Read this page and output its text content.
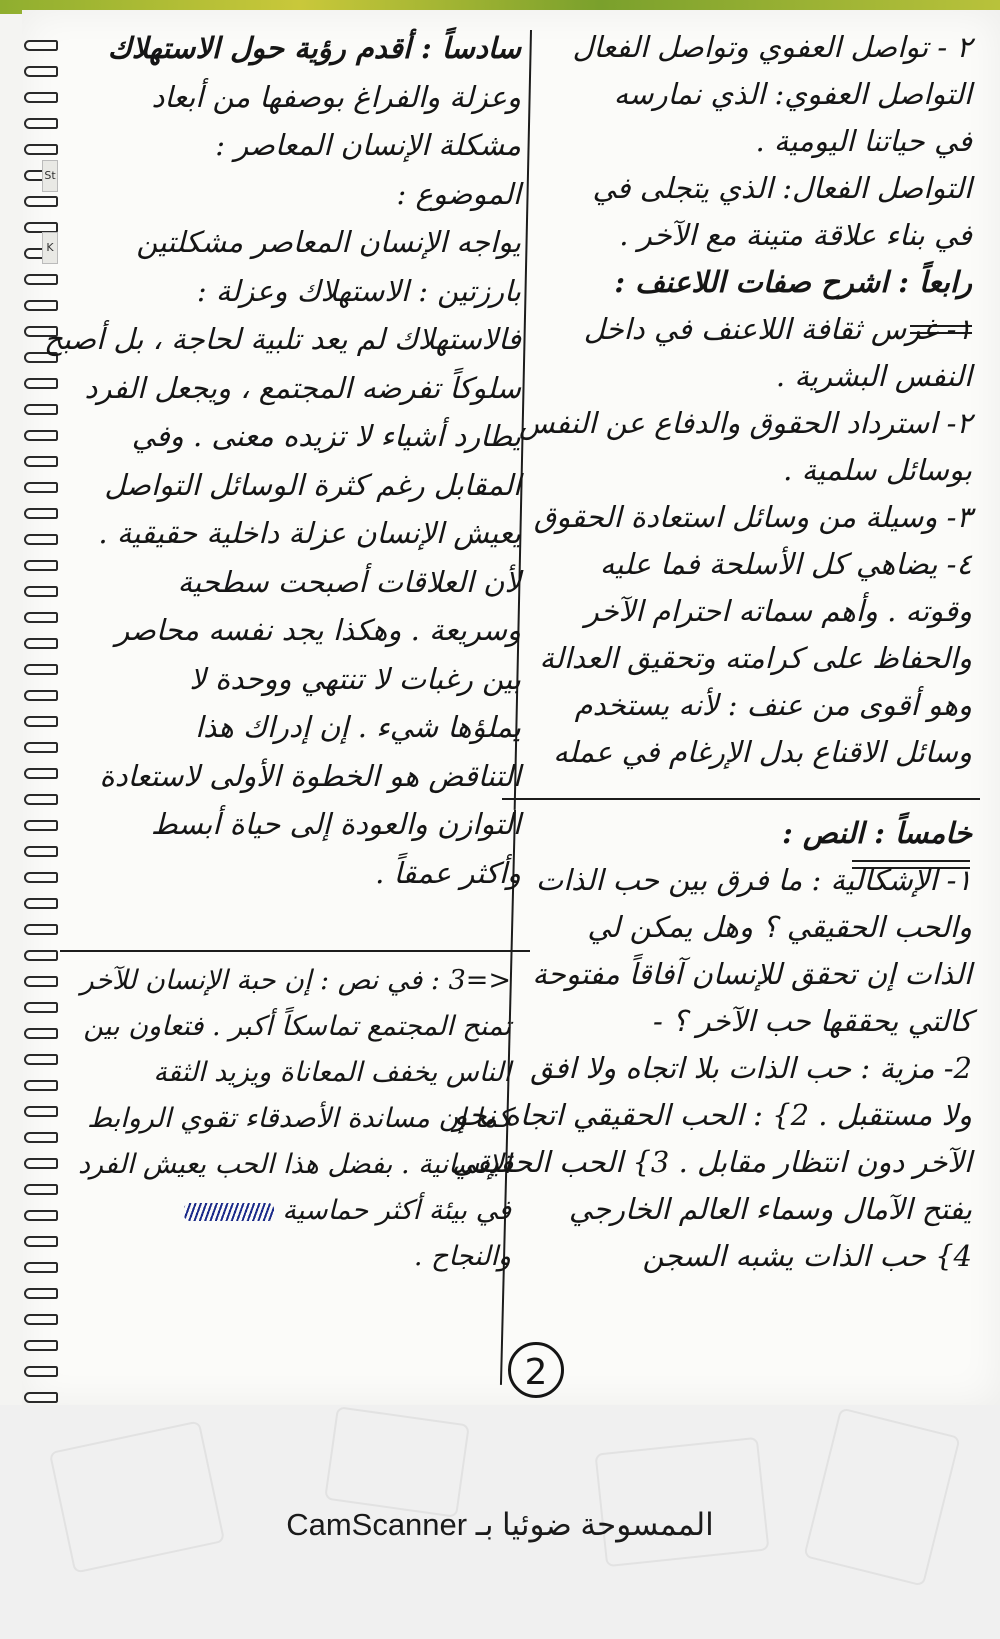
St
K

٢ - تواصل العفوي وتواصل الفعال

التواصل العفوي: الذي نمارسه

في حياتنا اليومية .

التواصل الفعال: الذي يتجلى في

في بناء علاقة متينة مع الآخر .

رابعاً : اشرح صفات اللاعنف :

١- غرس ثقافة اللاعنف في داخل

النفس البشرية .

٢- استرداد الحقوق والدفاع عن النفس

بوسائل سلمية .

٣- وسيلة من وسائل استعادة الحقوق

٤- يضاهي كل الأسلحة فما عليه

وقوته . وأهم سماته احترام الآخر

والحفاظ على كرامته وتحقيق العدالة

وهو أقوى من عنف : لأنه يستخدم

وسائل الاقناع بدل الإرغام في عمله

خامساً : النص :

١- الإشكالية : ما فرق بين حب الذات

والحب الحقيقي ؟ وهل يمكن لي

الذات إن تحقق للإنسان آفاقاً مفتوحة

كالتي يحققها حب الآخر ؟ -

2- مزية : حب الذات بلا اتجاه ولا افق

ولا مستقبل . 2} : الحب الحقيقي اتجاه نحو

الآخر دون انتظار مقابل . 3} الحب الحقيقي

يفتح الآمال وسماء العالم الخارجي

4} حب الذات يشبه السجن

سادساً : أقدم رؤية حول الاستهلاك

وعزلة والفراغ بوصفها من أبعاد

مشكلة الإنسان المعاصر :

الموضوع :

يواجه الإنسان المعاصر مشكلتين

بارزتين : الاستهلاك وعزلة :

فالاستهلاك لم يعد تلبية لحاجة ، بل أصبح

سلوكاً تفرضه المجتمع ، ويجعل الفرد

يطارد أشياء لا تزيده معنى . وفي

المقابل رغم كثرة الوسائل التواصل

يعيش الإنسان عزلة داخلية حقيقية .

لأن العلاقات أصبحت سطحية

وسريعة . وهكذا يجد نفسه محاصر

بين رغبات لا تنتهي ووحدة لا

يملؤها شيء . إن إدراك هذا

التناقض هو الخطوة الأولى لاستعادة

التوازن والعودة إلى حياة أبسط

وأكثر عمقاً .

<=3 : في نص : إن حبة الإنسان للآخر

تمنح المجتمع تماسكاً أكبر . فتعاون بين

الناس يخفف المعاناة ويزيد الثقة

كما إن مساندة الأصدقاء تقوي الروابط

الإنسانية . بفضل هذا الحب يعيش الفرد

في بيئة أكثر حماسية

والنجاح .

2
CamScanner الممسوحة ضوئيا بـ
